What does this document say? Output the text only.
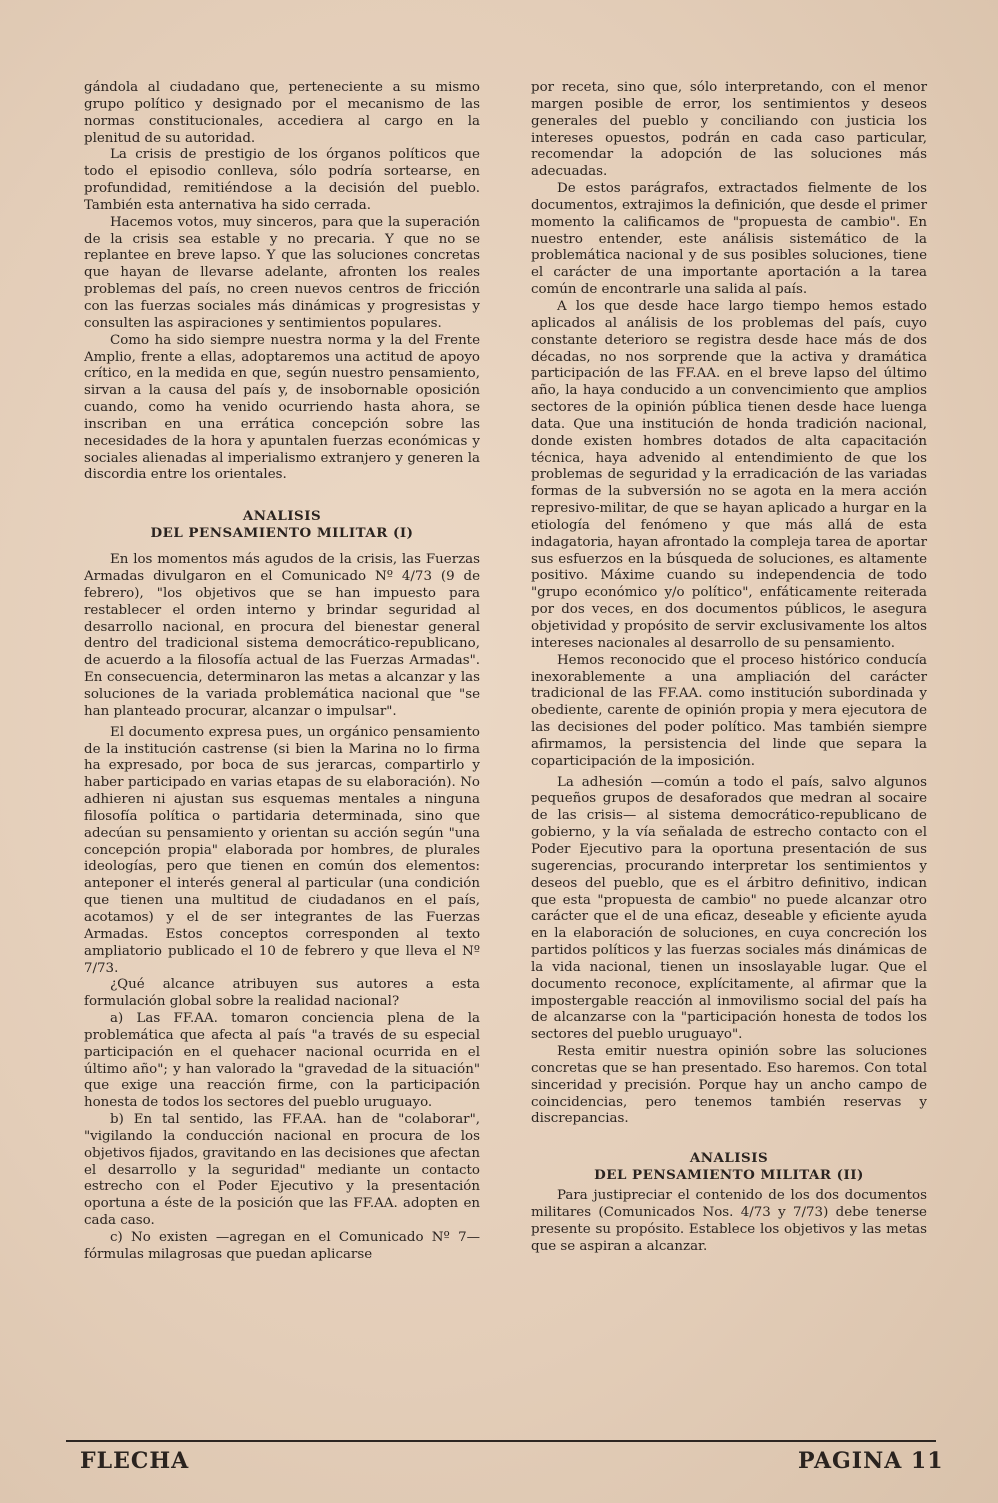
gándola al ciudadano que, perteneciente a su mismo grupo político y designado por el mecanismo de las normas constitucionales, accediera al cargo en la plenitud de su autoridad.

La crisis de prestigio de los órganos políticos que todo el episodio conlleva, sólo podría sortearse, en profundidad, remitiéndose a la decisión del pueblo. También esta anternativa ha sido cerrada.

Hacemos votos, muy sinceros, para que la superación de la crisis sea estable y no precaria. Y que no se replantee en breve lapso. Y que las soluciones concretas que hayan de llevarse adelante, afronten los reales problemas del país, no creen nuevos centros de fricción con las fuerzas sociales más dinámicas y progresistas y consulten las aspiraciones y sentimientos populares.

Como ha sido siempre nuestra norma y la del Frente Amplio, frente a ellas, adoptaremos una actitud de apoyo crítico, en la medida en que, según nuestro pensamiento, sirvan a la causa del país y, de insobornable oposición cuando, como ha venido ocurriendo hasta ahora, se inscriban en una errática concepción sobre las necesidades de la hora y apuntalen fuerzas económicas y sociales alienadas al imperialismo extranjero y generen la discordia entre los orientales.

ANALISIS
DEL PENSAMIENTO MILITAR (I)

En los momentos más agudos de la crisis, las Fuerzas Armadas divulgaron en el Comunicado Nº 4/73 (9 de febrero), "los objetivos que se han impuesto para restablecer el orden interno y brindar seguridad al desarrollo nacional, en procura del bienestar general dentro del tradicional sistema democrático-republicano, de acuerdo a la filosofía actual de las Fuerzas Armadas". En consecuencia, determinaron las metas a alcanzar y las soluciones de la variada problemática nacional que "se han planteado procurar, alcanzar o impulsar".

El documento expresa pues, un orgánico pensamiento de la institución castrense (si bien la Marina no lo firma ha expresado, por boca de sus jerarcas, compartirlo y haber participado en varias etapas de su elaboración). No adhieren ni ajustan sus esquemas mentales a ninguna filosofía política o partidaria determinada, sino que adecúan su pensamiento y orientan su acción según "una concepción propia" elaborada por hombres, de plurales ideologías, pero que tienen en común dos elementos: anteponer el interés general al particular (una condición que tienen una multitud de ciudadanos en el país, acotamos) y el de ser integrantes de las Fuerzas Armadas. Estos conceptos corresponden al texto ampliatorio publicado el 10 de febrero y que lleva el Nº 7/73.

¿Qué alcance atribuyen sus autores a esta formulación global sobre la realidad nacional?

a) Las FF.AA. tomaron conciencia plena de la problemática que afecta al país "a través de su especial participación en el quehacer nacional ocurrida en el último año"; y han valorado la "gravedad de la situación" que exige una reacción firme, con la participación honesta de todos los sectores del pueblo uruguayo.

b) En tal sentido, las FF.AA. han de "colaborar", "vigilando la conducción nacional en procura de los objetivos fijados, gravitando en las decisiones que afectan el desarrollo y la seguridad" mediante un contacto estrecho con el Poder Ejecutivo y la presentación oportuna a éste de la posición que las FF.AA. adopten en cada caso.

c) No existen —agregan en el Comunicado Nº 7— fórmulas milagrosas que puedan aplicarse

por receta, sino que, sólo interpretando, con el menor margen posible de error, los sentimientos y deseos generales del pueblo y conciliando con justicia los intereses opuestos, podrán en cada caso particular, recomendar la adopción de las soluciones más adecuadas.

De estos parágrafos, extractados fielmente de los documentos, extrajimos la definición, que desde el primer momento la calificamos de "propuesta de cambio". En nuestro entender, este análisis sistemático de la problemática nacional y de sus posibles soluciones, tiene el carácter de una importante aportación a la tarea común de encontrarle una salida al país.

A los que desde hace largo tiempo hemos estado aplicados al análisis de los problemas del país, cuyo constante deterioro se registra desde hace más de dos décadas, no nos sorprende que la activa y dramática participación de las FF.AA. en el breve lapso del último año, la haya conducido a un convencimiento que amplios sectores de la opinión pública tienen desde hace luenga data. Que una institución de honda tradición nacional, donde existen hombres dotados de alta capacitación técnica, haya advenido al entendimiento de que los problemas de seguridad y la erradicación de las variadas formas de la subversión no se agota en la mera acción represivo-militar, de que se hayan aplicado a hurgar en la etiología del fenómeno y que más allá de esta indagatoria, hayan afrontado la compleja tarea de aportar sus esfuerzos en la búsqueda de soluciones, es altamente positivo. Máxime cuando su independencia de todo "grupo económico y/o político", enfáticamente reiterada por dos veces, en dos documentos públicos, le asegura objetividad y propósito de servir exclusivamente los altos intereses nacionales al desarrollo de su pensamiento.

Hemos reconocido que el proceso histórico conducía inexorablemente a una ampliación del carácter tradicional de las FF.AA. como institución subordinada y obediente, carente de opinión propia y mera ejecutora de las decisiones del poder político. Mas también siempre afirmamos, la persistencia del linde que separa la coparticipación de la imposición.

La adhesión —común a todo el país, salvo algunos pequeños grupos de desaforados que medran al socaire de las crisis— al sistema democrático-republicano de gobierno, y la vía señalada de estrecho contacto con el Poder Ejecutivo para la oportuna presentación de sus sugerencias, procurando interpretar los sentimientos y deseos del pueblo, que es el árbitro definitivo, indican que esta "propuesta de cambio" no puede alcanzar otro carácter que el de una eficaz, deseable y eficiente ayuda en la elaboración de soluciones, en cuya concreción los partidos políticos y las fuerzas sociales más dinámicas de la vida nacional, tienen un insoslayable lugar. Que el documento reconoce, explícitamente, al afirmar que la impostergable reacción al inmovilismo social del país ha de alcanzarse con la "participación honesta de todos los sectores del pueblo uruguayo".

Resta emitir nuestra opinión sobre las soluciones concretas que se han presentado. Eso haremos. Con total sinceridad y precisión. Porque hay un ancho campo de coincidencias, pero tenemos también reservas y discrepancias.

ANALISIS
DEL PENSAMIENTO MILITAR (II)

Para justipreciar el contenido de los dos documentos militares (Comunicados Nos. 4/73 y 7/73) debe tenerse presente su propósito. Establece los objetivos y las metas que se aspiran a alcanzar.

FLECHA	PAGINA 11
